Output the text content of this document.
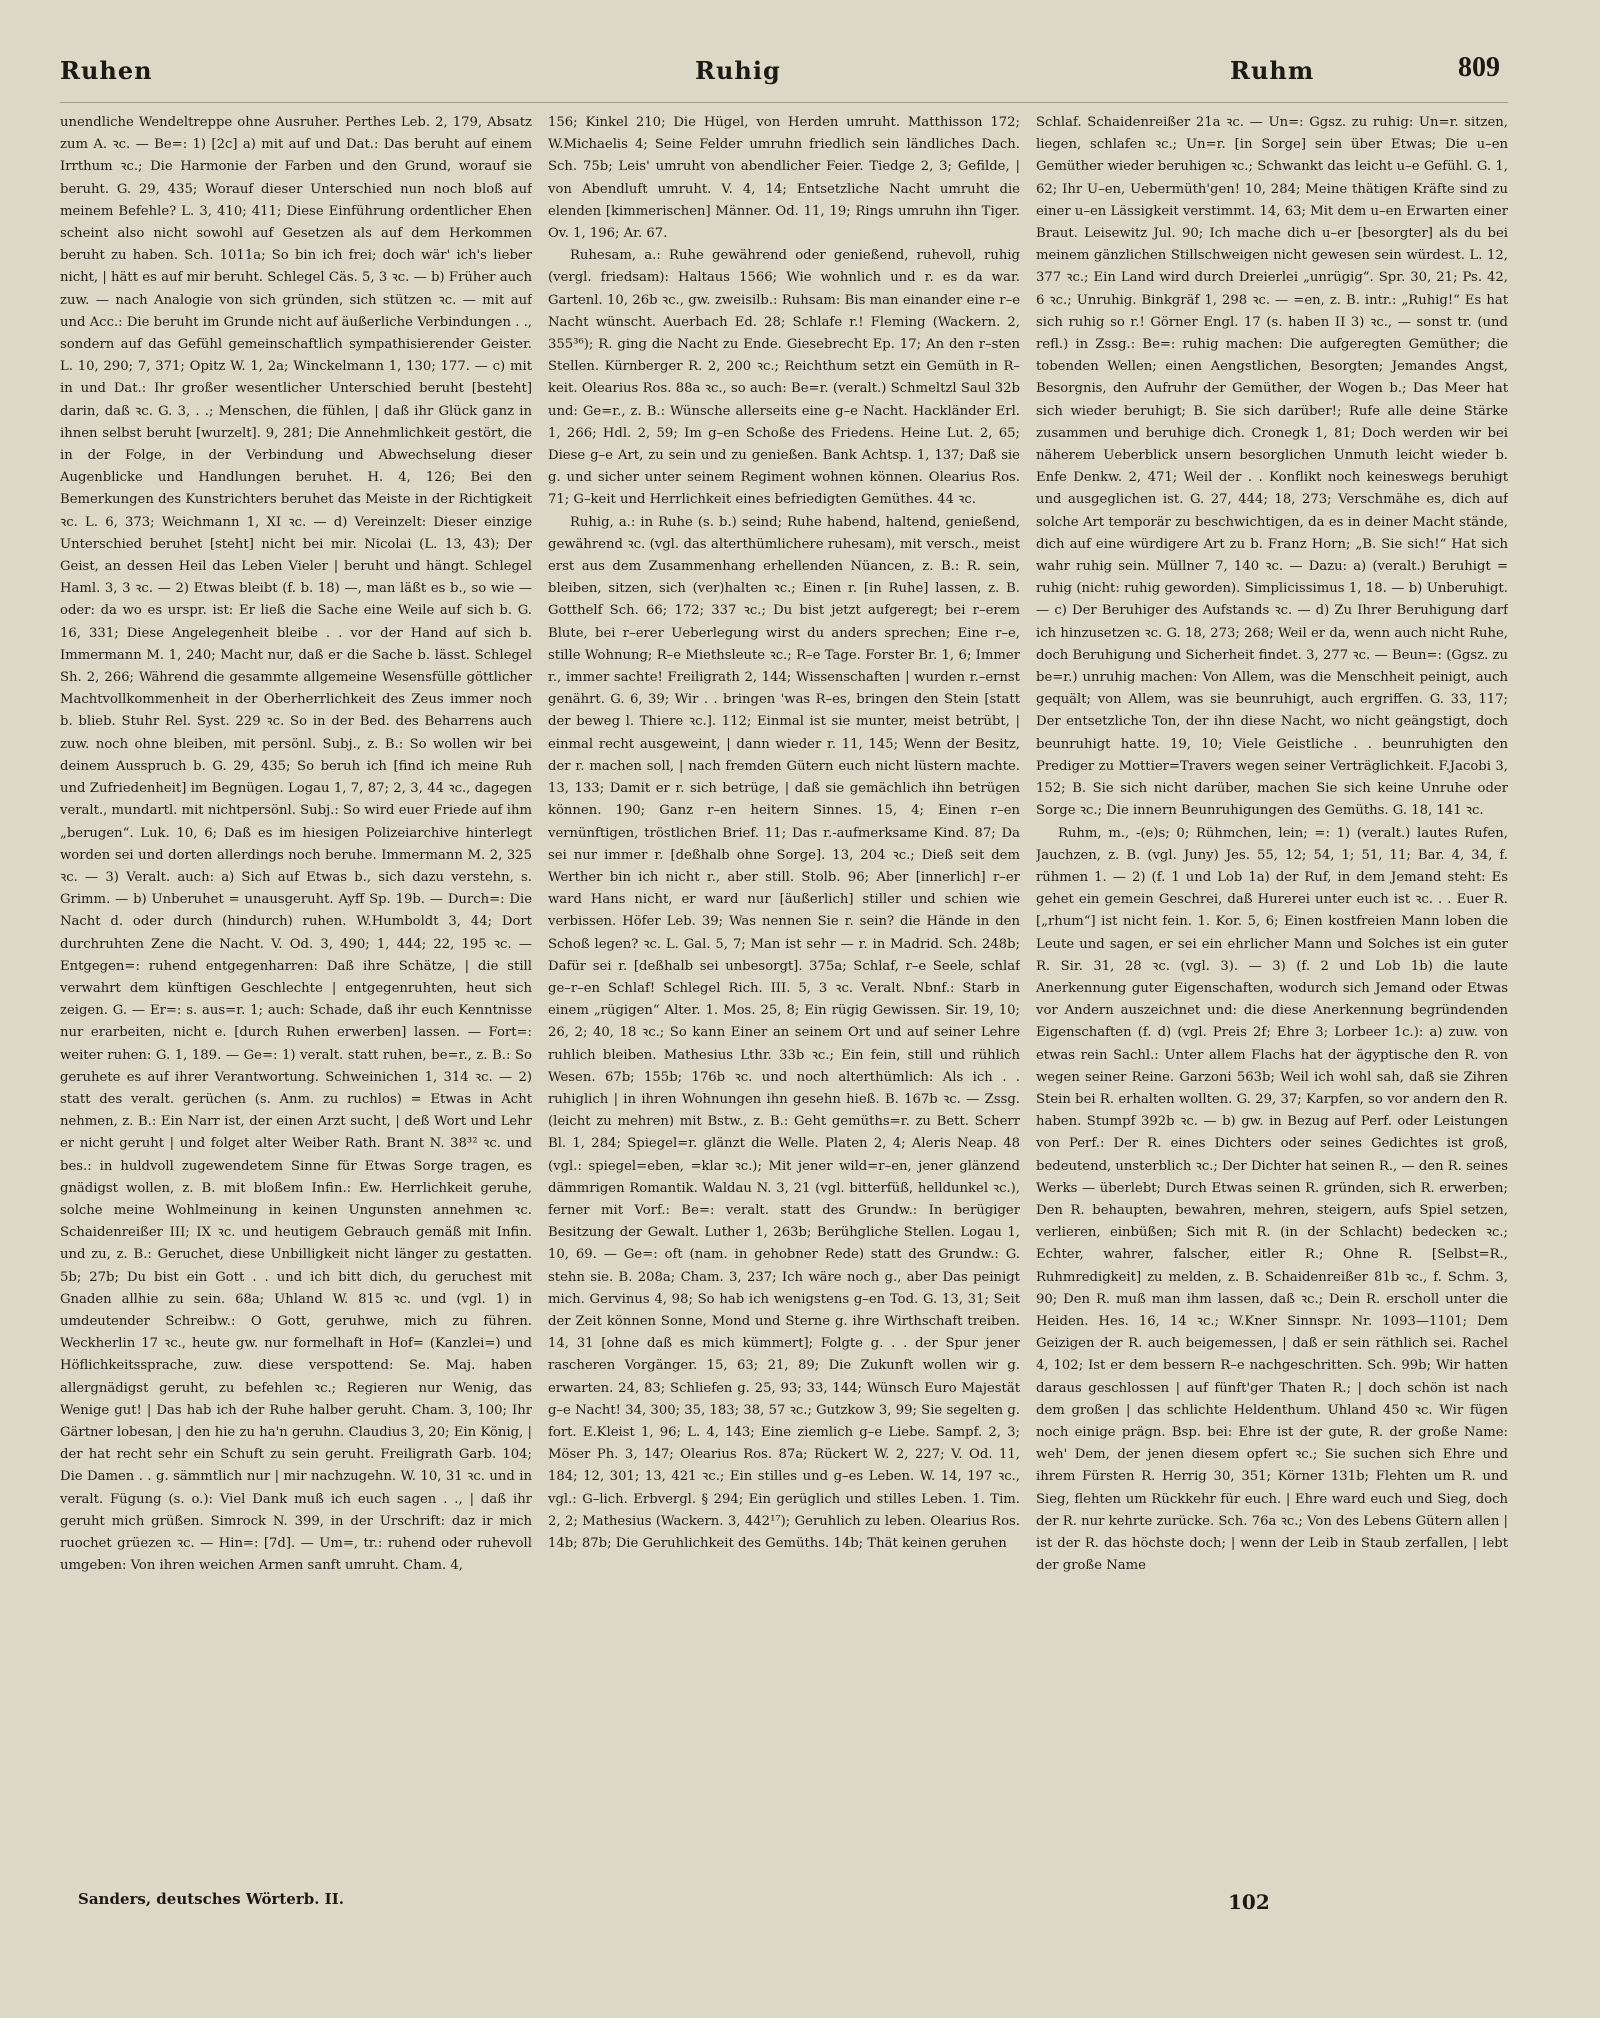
Ruhen	Ruhig	Ruhm	809

unendliche Wendeltreppe ohne Ausruher. Perthes Leb. 2, 179, Absatz zum A. ꝛc. — Be=: 1) [2c] a) mit auf und Dat.: Das beruht auf einem Irrthum ꝛc.; Die Harmonie der Farben und den Grund, worauf sie beruht. G. 29, 435; Worauf dieser Unterschied nun noch bloß auf meinem Befehle? L. 3, 410; 411; Diese Einführung ordentlicher Ehen scheint also nicht sowohl auf Gesetzen als auf dem Herkommen beruht zu haben. Sch. 1011a; So bin ich frei; doch wär' ich's lieber nicht, | hätt es auf mir beruht. Schlegel Cäs. 5, 3 ꝛc. — b) Früher auch zuw. — nach Analogie von sich gründen, sich stützen ꝛc. — mit auf und Acc.: Die beruht im Grunde nicht auf äußerliche Verbindungen . ., sondern auf das Gefühl gemeinschaftlich sympathisierender Geister. L. 10, 290; 7, 371; Opitz W. 1, 2a; Winckelmann 1, 130; 177. — c) mit in und Dat.: Ihr großer wesentlicher Unterschied beruht [besteht] darin, daß ꝛc. G. 3, . .; Menschen, die fühlen, | daß ihr Glück ganz in ihnen selbst beruht [wurzelt]. 9, 281; Die Annehmlichkeit gestört, die in der Folge, in der Verbindung und Abwechselung dieser Augenblicke und Handlungen beruhet. H. 4, 126; Bei den Bemerkungen des Kunstrichters beruhet das Meiste in der Richtigkeit ꝛc. L. 6, 373; Weichmann 1, XI ꝛc. — d) Vereinzelt: Dieser einzige Unterschied beruhet [steht] nicht bei mir. Nicolai (L. 13, 43); Der Geist, an dessen Heil das Leben Vieler | beruht und hängt. Schlegel Haml. 3, 3 ꝛc. — 2) Etwas bleibt (f. b. 18) —, man läßt es b., so wie — oder: da wo es urspr. ist: Er ließ die Sache eine Weile auf sich b. G. 16, 331; Diese Angelegenheit bleibe . . vor der Hand auf sich b. Immermann M. 1, 240; Macht nur, daß er die Sache b. lässt. Schlegel Sh. 2, 266; Während die gesammte allgemeine Wesensfülle göttlicher Machtvollkommenheit in der Oberherrlichkeit des Zeus immer noch b. blieb. Stuhr Rel. Syst. 229 ꝛc. So in der Bed. des Beharrens auch zuw. noch ohne bleiben, mit persönl. Subj., z. B.: So wollen wir bei deinem Ausspruch b. G. 29, 435; So beruh ich [find ich meine Ruh und Zufriedenheit] im Begnügen. Logau 1, 7, 87; 2, 3, 44 ꝛc., dagegen veralt., mundartl. mit nichtpersönl. Subj.: So wird euer Friede auf ihm „berugen“. Luk. 10, 6; Daß es im hiesigen Polizeiarchive hinterlegt worden sei und dorten allerdings noch beruhe. Immermann M. 2, 325 ꝛc. — 3) Veralt. auch: a) Sich auf Etwas b., sich dazu verstehn, s. Grimm. — b) Unberuhet = unausgeruht. Ayff Sp. 19b. — Durch=: Die Nacht d. oder durch (hindurch) ruhen. W.Humboldt 3, 44; Dort durchruhten Zene die Nacht. V. Od. 3, 490; 1, 444; 22, 195 ꝛc. — Entgegen=: ruhend entgegenharren: Daß ihre Schätze, | die still verwahrt dem künftigen Geschlechte | entgegenruhten, heut sich zeigen. G. — Er=: s. aus=r. 1; auch: Schade, daß ihr euch Kenntnisse nur erarbeiten, nicht e. [durch Ruhen erwerben] lassen. — Fort=: weiter ruhen: G. 1, 189. — Ge=: 1) veralt. statt ruhen, be=r., z. B.: So geruhete es auf ihrer Verantwortung. Schweinichen 1, 314 ꝛc. — 2) statt des veralt. gerüchen (s. Anm. zu ruchlos) = Etwas in Acht nehmen, z. B.: Ein Narr ist, der einen Arzt sucht, | deß Wort und Lehr er nicht geruht | und folget alter Weiber Rath. Brant N. 38³² ꝛc. und bes.: in huldvoll zugewendetem Sinne für Etwas Sorge tragen, es gnädigst wollen, z. B. mit bloßem Infin.: Ew. Herrlichkeit geruhe, solche meine Wohlmeinung in keinen Ungunsten annehmen ꝛc. Schaidenreißer III; IX ꝛc. und heutigem Gebrauch gemäß mit Infin. und zu, z. B.: Geruchet, diese Unbilligkeit nicht länger zu gestatten. 5b; 27b; Du bist ein Gott . . und ich bitt dich, du geruchest mit Gnaden allhie zu sein. 68a; Uhland W. 815 ꝛc. und (vgl. 1) in umdeutender Schreibw.: O Gott, geruhwe, mich zu führen. Weckherlin 17 ꝛc., heute gw. nur formelhaft in Hof= (Kanzlei=) und Höflichkeitssprache, zuw. diese verspottend: Se. Maj. haben allergnädigst geruht, zu befehlen ꝛc.; Regieren nur Wenig, das Wenige gut! | Das hab ich der Ruhe halber geruht. Cham. 3, 100; Ihr Gärtner lobesan, | den hie zu ha'n geruhn. Claudius 3, 20; Ein König, | der hat recht sehr ein Schuft zu sein geruht. Freiligrath Garb. 104; Die Damen . . g. sämmtlich nur | mir nachzugehn. W. 10, 31 ꝛc. und in veralt. Fügung (s. o.): Viel Dank muß ich euch sagen . ., | daß ihr geruht mich grüßen. Simrock N. 399, in der Urschrift: daz ir mich ruochet grüezen ꝛc. — Hin=: [7d]. — Um=, tr.: ruhend oder ruhevoll umgeben: Von ihren weichen Armen sanft umruht. Cham. 4,

156; Kinkel 210; Die Hügel, von Herden umruht. Matthisson 172; W.Michaelis 4; Seine Felder umruhn friedlich sein ländliches Dach. Sch. 75b; Leis' umruht von abendlicher Feier. Tiedge 2, 3; Gefilde, | von Abendluft umruht. V. 4, 14; Entsetzliche Nacht umruht die elenden [kimmerischen] Männer. Od. 11, 19; Rings umruhn ihn Tiger. Ov. 1, 196; Ar. 67.

Ruhesam, a.: Ruhe gewährend oder genießend, ruhevoll, ruhig (vergl. friedsam): Haltaus 1566; Wie wohnlich und r. es da war. Gartenl. 10, 26b ꝛc., gw. zweisilb.: Ruhsam: Bis man einander eine r–e Nacht wünscht. Auerbach Ed. 28; Schlafe r.! Fleming (Wackern. 2, 355³⁶); R. ging die Nacht zu Ende. Giesebrecht Ep. 17; An den r–sten Stellen. Kürnberger R. 2, 200 ꝛc.; Reichthum setzt ein Gemüth in R–keit. Olearius Ros. 88a ꝛc., so auch: Be=r. (veralt.) Schmeltzl Saul 32b und: Ge=r., z. B.: Wünsche allerseits eine g–e Nacht. Hackländer Erl. 1, 266; Hdl. 2, 59; Im g–en Schoße des Friedens. Heine Lut. 2, 65; Diese g–e Art, zu sein und zu genießen. Bank Achtsp. 1, 137; Daß sie g. und sicher unter seinem Regiment wohnen können. Olearius Ros. 71; G–keit und Herrlichkeit eines befriedigten Gemüthes. 44 ꝛc.

Ruhig, a.: in Ruhe (s. b.) seind; Ruhe habend, haltend, genießend, gewährend ꝛc. (vgl. das alterthümlichere ruhesam), mit versch., meist erst aus dem Zusammenhang erhellenden Nüancen, z. B.: R. sein, bleiben, sitzen, sich (ver)halten ꝛc.; Einen r. [in Ruhe] lassen, z. B. Gotthelf Sch. 66; 172; 337 ꝛc.; Du bist jetzt aufgeregt; bei r–erem Blute, bei r–erer Ueberlegung wirst du anders sprechen; Eine r–e, stille Wohnung; R–e Miethsleute ꝛc.; R–e Tage. Forster Br. 1, 6; Immer r., immer sachte! Freiligrath 2, 144; Wissenschaften | wurden r.–ernst genährt. G. 6, 39; Wir . . bringen 'was R–es, bringen den Stein [statt der beweg l. Thiere ꝛc.]. 112; Einmal ist sie munter, meist betrübt, | einmal recht ausgeweint, | dann wieder r. 11, 145; Wenn der Besitz, der r. machen soll, | nach fremden Gütern euch nicht lüstern machte. 13, 133; Damit er r. sich betrüge, | daß sie gemächlich ihn betrügen können. 190; Ganz r–en heitern Sinnes. 15, 4; Einen r–en vernünftigen, tröstlichen Brief. 11; Das r.-aufmerksame Kind. 87; Da sei nur immer r. [deßhalb ohne Sorge]. 13, 204 ꝛc.; Dieß seit dem Werther bin ich nicht r., aber still. Stolb. 96; Aber [innerlich] r–er ward Hans nicht, er ward nur [äußerlich] stiller und schien wie verbissen. Höfer Leb. 39; Was nennen Sie r. sein? die Hände in den Schoß legen? ꝛc. L. Gal. 5, 7; Man ist sehr — r. in Madrid. Sch. 248b; Dafür sei r. [deßhalb sei unbesorgt]. 375a; Schlaf, r–e Seele, schlaf ge–r–en Schlaf! Schlegel Rich. III. 5, 3 ꝛc. Veralt. Nbnf.: Starb in einem „rügigen“ Alter. 1. Mos. 25, 8; Ein rügig Gewissen. Sir. 19, 10; 26, 2; 40, 18 ꝛc.; So kann Einer an seinem Ort und auf seiner Lehre ruhlich bleiben. Mathesius Lthr. 33b ꝛc.; Ein fein, still und rühlich Wesen. 67b; 155b; 176b ꝛc. und noch alterthümlich: Als ich . . ruhiglich | in ihren Wohnungen ihn gesehn hieß. B. 167b ꝛc. — Zssg. (leicht zu mehren) mit Bstw., z. B.: Geht gemüths=r. zu Bett. Scherr Bl. 1, 284; Spiegel=r. glänzt die Welle. Platen 2, 4; Aleris Neap. 48 (vgl.: spiegel=eben, =klar ꝛc.); Mit jener wild=r–en, jener glänzend dämmrigen Romantik. Waldau N. 3, 21 (vgl. bitterfüß, helldunkel ꝛc.), ferner mit Vorf.: Be=: veralt. statt des Grundw.: In berügiger Besitzung der Gewalt. Luther 1, 263b; Berühgliche Stellen. Logau 1, 10, 69. — Ge=: oft (nam. in gehobner Rede) statt des Grundw.: G. stehn sie. B. 208a; Cham. 3, 237; Ich wäre noch g., aber Das peinigt mich. Gervinus 4, 98; So hab ich wenigstens g–en Tod. G. 13, 31; Seit der Zeit können Sonne, Mond und Sterne g. ihre Wirthschaft treiben. 14, 31 [ohne daß es mich kümmert]; Folgte g. . . der Spur jener rascheren Vorgänger. 15, 63; 21, 89; Die Zukunft wollen wir g. erwarten. 24, 83; Schliefen g. 25, 93; 33, 144; Wünsch Euro Majestät g–e Nacht! 34, 300; 35, 183; 38, 57 ꝛc.; Gutzkow 3, 99; Sie segelten g. fort. E.Kleist 1, 96; L. 4, 143; Eine ziemlich g–e Liebe. Sampf. 2, 3; Möser Ph. 3, 147; Olearius Ros. 87a; Rückert W. 2, 227; V. Od. 11, 184; 12, 301; 13, 421 ꝛc.; Ein stilles und g–es Leben. W. 14, 197 ꝛc., vgl.: G–lich. Erbvergl. § 294; Ein gerüglich und stilles Leben. 1. Tim. 2, 2; Mathesius (Wackern. 3, 442¹⁷); Geruhlich zu leben. Olearius Ros. 14b; 87b; Die Geruhlichkeit des Gemüths. 14b; Thät keinen geruhen

Schlaf. Schaidenreißer 21a ꝛc. — Un=: Ggsz. zu ruhig: Un=r. sitzen, liegen, schlafen ꝛc.; Un=r. [in Sorge] sein über Etwas; Die u–en Gemüther wieder beruhigen ꝛc.; Schwankt das leicht u–e Gefühl. G. 1, 62; Ihr U–en, Uebermüth'gen! 10, 284; Meine thätigen Kräfte sind zu einer u–en Lässigkeit verstimmt. 14, 63; Mit dem u–en Erwarten einer Braut. Leisewitz Jul. 90; Ich mache dich u–er [besorgter] als du bei meinem gänzlichen Stillschweigen nicht gewesen sein würdest. L. 12, 377 ꝛc.; Ein Land wird durch Dreierlei „unrügig“. Spr. 30, 21; Ps. 42, 6 ꝛc.; Unruhig. Binkgräf 1, 298 ꝛc. — =en, z. B. intr.: „Ruhig!“ Es hat sich ruhig so r.! Görner Engl. 17 (s. haben II 3) ꝛc., — sonst tr. (und refl.) in Zssg.: Be=: ruhig machen: Die aufgeregten Gemüther; die tobenden Wellen; einen Aengstlichen, Besorgten; Jemandes Angst, Besorgnis, den Aufruhr der Gemüther, der Wogen b.; Das Meer hat sich wieder beruhigt; B. Sie sich darüber!; Rufe alle deine Stärke zusammen und beruhige dich. Cronegk 1, 81; Doch werden wir bei näherem Ueberblick unsern besorglichen Unmuth leicht wieder b. Enfe Denkw. 2, 471; Weil der . . Konflikt noch keineswegs beruhigt und ausgeglichen ist. G. 27, 444; 18, 273; Verschmähe es, dich auf solche Art temporär zu beschwichtigen, da es in deiner Macht stände, dich auf eine würdigere Art zu b. Franz Horn; „B. Sie sich!“ Hat sich wahr ruhig sein. Müllner 7, 140 ꝛc. — Dazu: a) (veralt.) Beruhigt = ruhig (nicht: ruhig geworden). Simplicissimus 1, 18. — b) Unberuhigt. — c) Der Beruhiger des Aufstands ꝛc. — d) Zu Ihrer Beruhigung darf ich hinzusetzen ꝛc. G. 18, 273; 268; Weil er da, wenn auch nicht Ruhe, doch Beruhigung und Sicherheit findet. 3, 277 ꝛc. — Beun=: (Ggsz. zu be=r.) unruhig machen: Von Allem, was die Menschheit peinigt, auch gequält; von Allem, was sie beunruhigt, auch ergriffen. G. 33, 117; Der entsetzliche Ton, der ihn diese Nacht, wo nicht geängstigt, doch beunruhigt hatte. 19, 10; Viele Geistliche . . beunruhigten den Prediger zu Mottier=Travers wegen seiner Verträglichkeit. F.Jacobi 3, 152; B. Sie sich nicht darüber, machen Sie sich keine Unruhe oder Sorge ꝛc.; Die innern Beunruhigungen des Gemüths. G. 18, 141 ꝛc.

Ruhm, m., -(e)s; 0; Rühmchen, lein; =: 1) (veralt.) lautes Rufen, Jauchzen, z. B. (vgl. Juny) Jes. 55, 12; 54, 1; 51, 11; Bar. 4, 34, f. rühmen 1. — 2) (f. 1 und Lob 1a) der Ruf, in dem Jemand steht: Es gehet ein gemein Geschrei, daß Hurerei unter euch ist ꝛc. . . Euer R. [„rhum“] ist nicht fein. 1. Kor. 5, 6; Einen kostfreien Mann loben die Leute und sagen, er sei ein ehrlicher Mann und Solches ist ein guter R. Sir. 31, 28 ꝛc. (vgl. 3). — 3) (f. 2 und Lob 1b) die laute Anerkennung guter Eigenschaften, wodurch sich Jemand oder Etwas vor Andern auszeichnet und: die diese Anerkennung begründenden Eigenschaften (f. d) (vgl. Preis 2f; Ehre 3; Lorbeer 1c.): a) zuw. von etwas rein Sachl.: Unter allem Flachs hat der ägyptische den R. von wegen seiner Reine. Garzoni 563b; Weil ich wohl sah, daß sie Zihren Stein bei R. erhalten wollten. G. 29, 37; Karpfen, so vor andern den R. haben. Stumpf 392b ꝛc. — b) gw. in Bezug auf Perf. oder Leistungen von Perf.: Der R. eines Dichters oder seines Gedichtes ist groß, bedeutend, unsterblich ꝛc.; Der Dichter hat seinen R., — den R. seines Werks — überlebt; Durch Etwas seinen R. gründen, sich R. erwerben; Den R. behaupten, bewahren, mehren, steigern, aufs Spiel setzen, verlieren, einbüßen; Sich mit R. (in der Schlacht) bedecken ꝛc.; Echter, wahrer, falscher, eitler R.; Ohne R. [Selbst=R., Ruhmredigkeit] zu melden, z. B. Schaidenreißer 81b ꝛc., f. Schm. 3, 90; Den R. muß man ihm lassen, daß ꝛc.; Dein R. erscholl unter die Heiden. Hes. 16, 14 ꝛc.; W.Kner Sinnspr. Nr. 1093—1101; Dem Geizigen der R. auch beigemessen, | daß er sein räthlich sei. Rachel 4, 102; Ist er dem bessern R–e nachgeschritten. Sch. 99b; Wir hatten daraus geschlossen | auf fünft'ger Thaten R.; | doch schön ist nach dem großen | das schlichte Heldenthum. Uhland 450 ꝛc. Wir fügen noch einige prägn. Bsp. bei: Ehre ist der gute, R. der große Name: weh' Dem, der jenen diesem opfert ꝛc.; Sie suchen sich Ehre und ihrem Fürsten R. Herrig 30, 351; Körner 131b; Flehten um R. und Sieg, flehten um Rückkehr für euch. | Ehre ward euch und Sieg, doch der R. nur kehrte zurücke. Sch. 76a ꝛc.; Von des Lebens Gütern allen | ist der R. das höchste doch; | wenn der Leib in Staub zerfallen, | lebt der große Name

Sanders, deutsches Wörterb. II.	102
